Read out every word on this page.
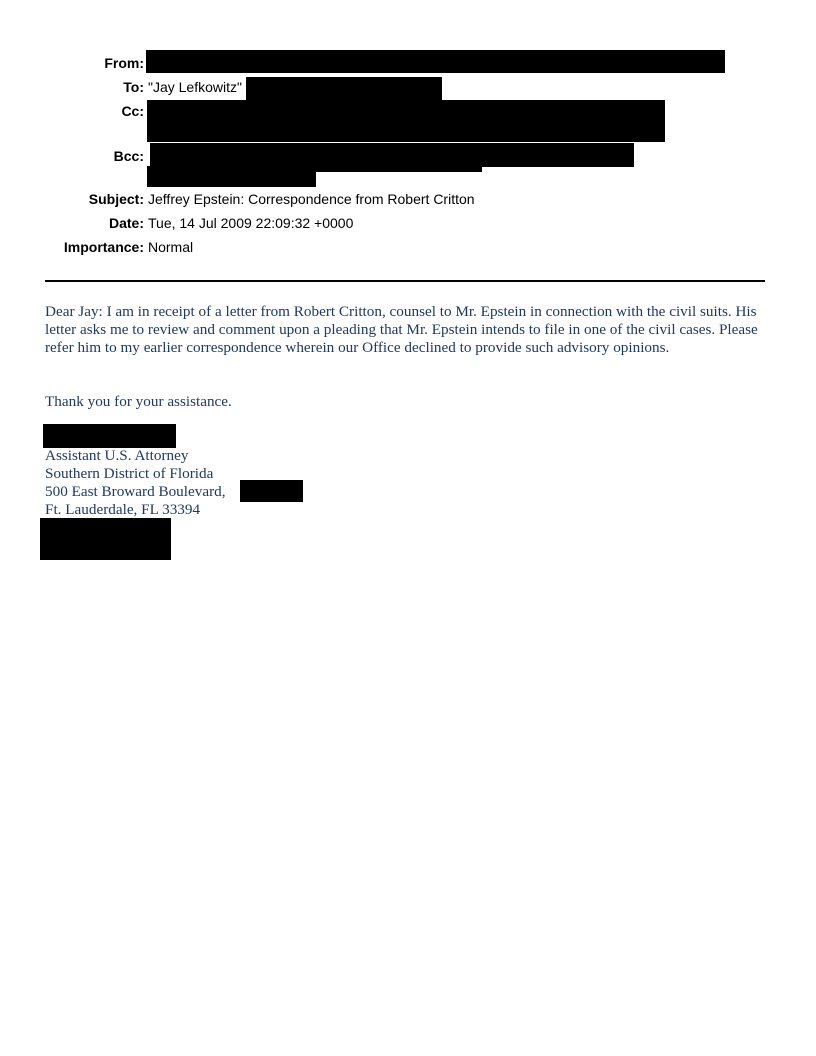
From:
To: "Jay Lefkowitz"
Cc:
Bcc:
Subject: Jeffrey Epstein: Correspondence from Robert Critton
Date: Tue, 14 Jul 2009 22:09:32 +0000
Importance: Normal

Dear Jay: I am in receipt of a letter from Robert Critton, counsel to Mr. Epstein in connection with the civil suits. His letter asks me to review and comment upon a pleading that Mr. Epstein intends to file in one of the civil cases. Please refer him to my earlier correspondence wherein our Office declined to provide such advisory opinions.

Thank you for your assistance.

Assistant U.S. Attorney
Southern District of Florida
500 East Broward Boulevard,
Ft. Lauderdale, FL 33394
